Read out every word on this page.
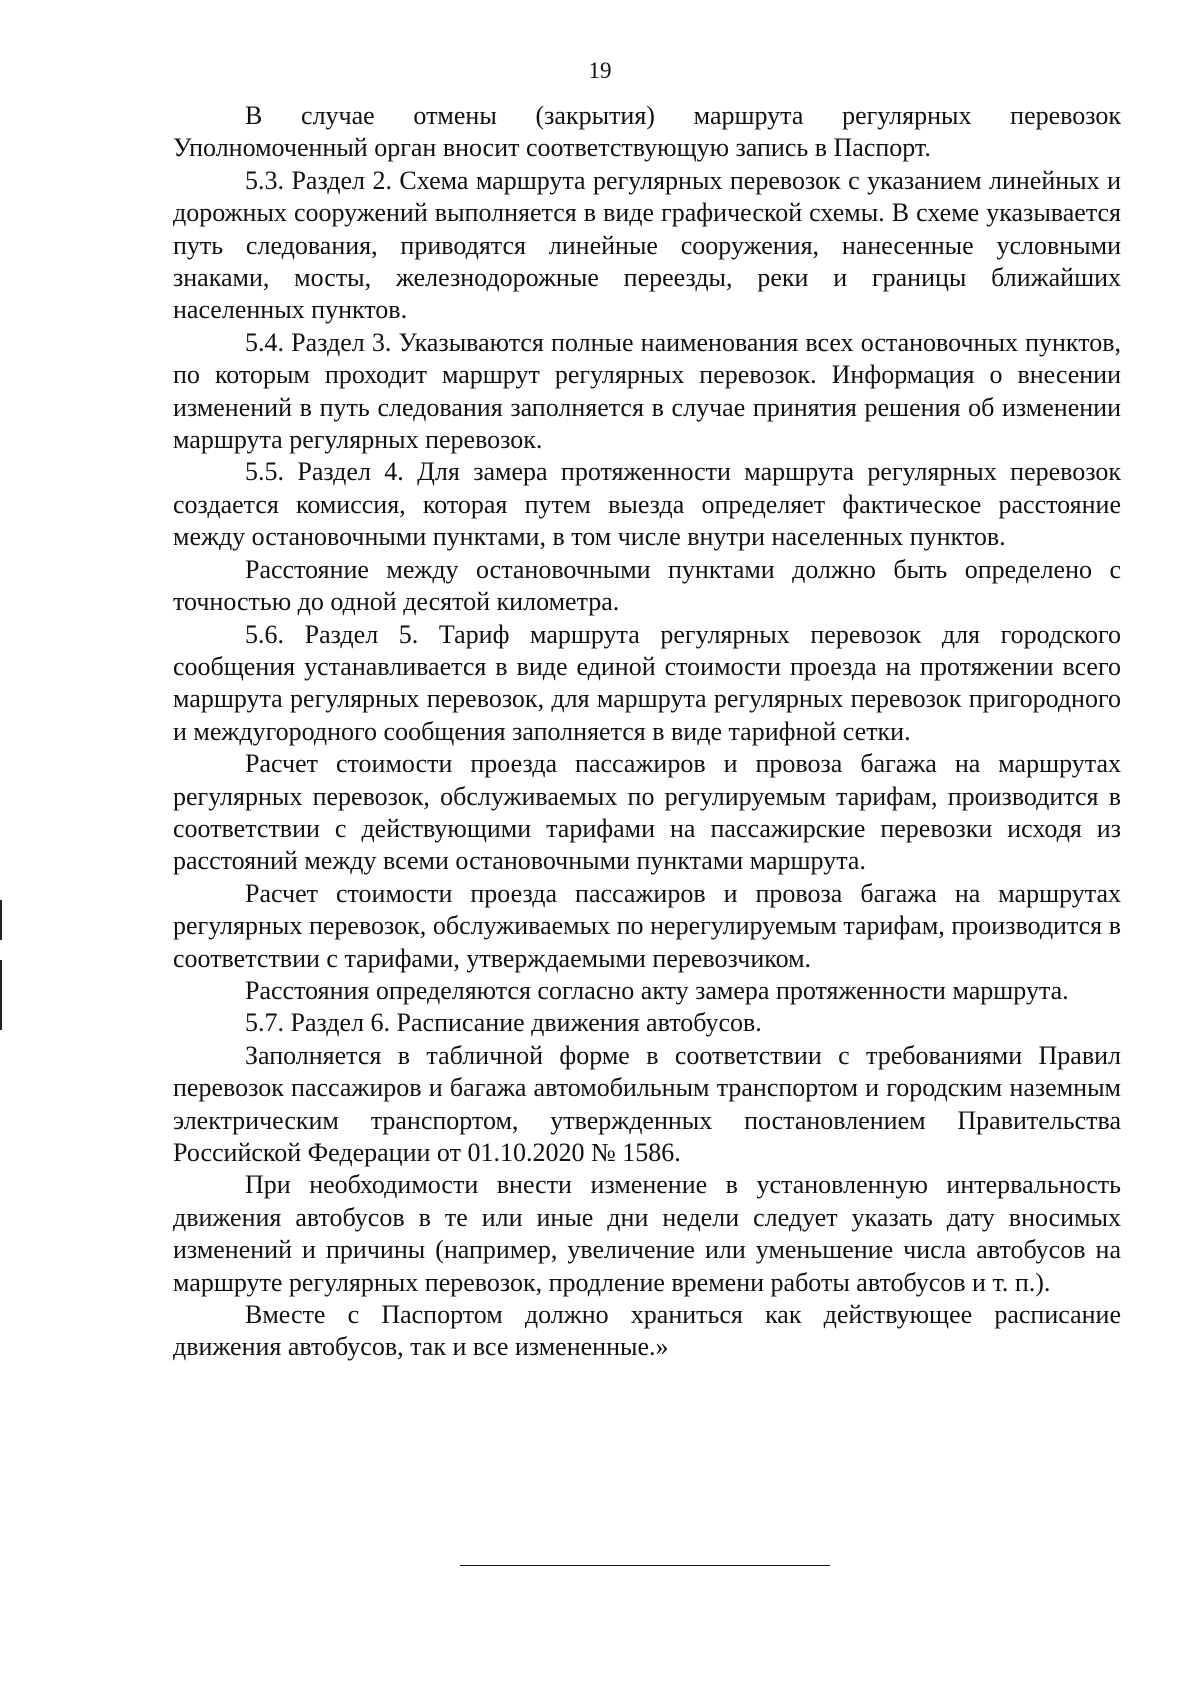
19

В случае отмены (закрытия) маршрута регулярных перевозок Уполномоченный орган вносит соответствующую запись в Паспорт.

5.3. Раздел 2. Схема маршрута регулярных перевозок с указанием линейных и дорожных сооружений выполняется в виде графической схемы. В схеме указывается путь следования, приводятся линейные сооружения, нанесенные условными знаками, мосты, железнодорожные переезды, реки и границы ближайших населенных пунктов.

5.4. Раздел 3. Указываются полные наименования всех остановочных пунктов, по которым проходит маршрут регулярных перевозок. Информация о внесении изменений в путь следования заполняется в случае принятия решения об изменении маршрута регулярных перевозок.

5.5. Раздел 4. Для замера протяженности маршрута регулярных перевозок создается комиссия, которая путем выезда определяет фактическое расстояние между остановочными пунктами, в том числе внутри населенных пунктов.

Расстояние между остановочными пунктами должно быть определено с точностью до одной десятой километра.

5.6. Раздел 5. Тариф маршрута регулярных перевозок для городского сообщения устанавливается в виде единой стоимости проезда на протяжении всего маршрута регулярных перевозок, для маршрута регулярных перевозок пригородного и междугородного сообщения заполняется в виде тарифной сетки.

Расчет стоимости проезда пассажиров и провоза багажа на маршрутах регулярных перевозок, обслуживаемых по регулируемым тарифам, производится в соответствии с действующими тарифами на пассажирские перевозки исходя из расстояний между всеми остановочными пунктами маршрута.

Расчет стоимости проезда пассажиров и провоза багажа на маршрутах регулярных перевозок, обслуживаемых по нерегулируемым тарифам, производится в соответствии с тарифами, утверждаемыми перевозчиком.

Расстояния определяются согласно акту замера протяженности маршрута.

5.7. Раздел 6. Расписание движения автобусов.

Заполняется в табличной форме в соответствии с требованиями Правил перевозок пассажиров и багажа автомобильным транспортом и городским наземным электрическим транспортом, утвержденных постановлением Правительства Российской Федерации от 01.10.2020 № 1586.

При необходимости внести изменение в установленную интервальность движения автобусов в те или иные дни недели следует указать дату вносимых изменений и причины (например, увеличение или уменьшение числа автобусов на маршруте регулярных перевозок, продление времени работы автобусов и т. п.).

Вместе с Паспортом должно храниться как действующее расписание движения автобусов, так и все измененные.»
